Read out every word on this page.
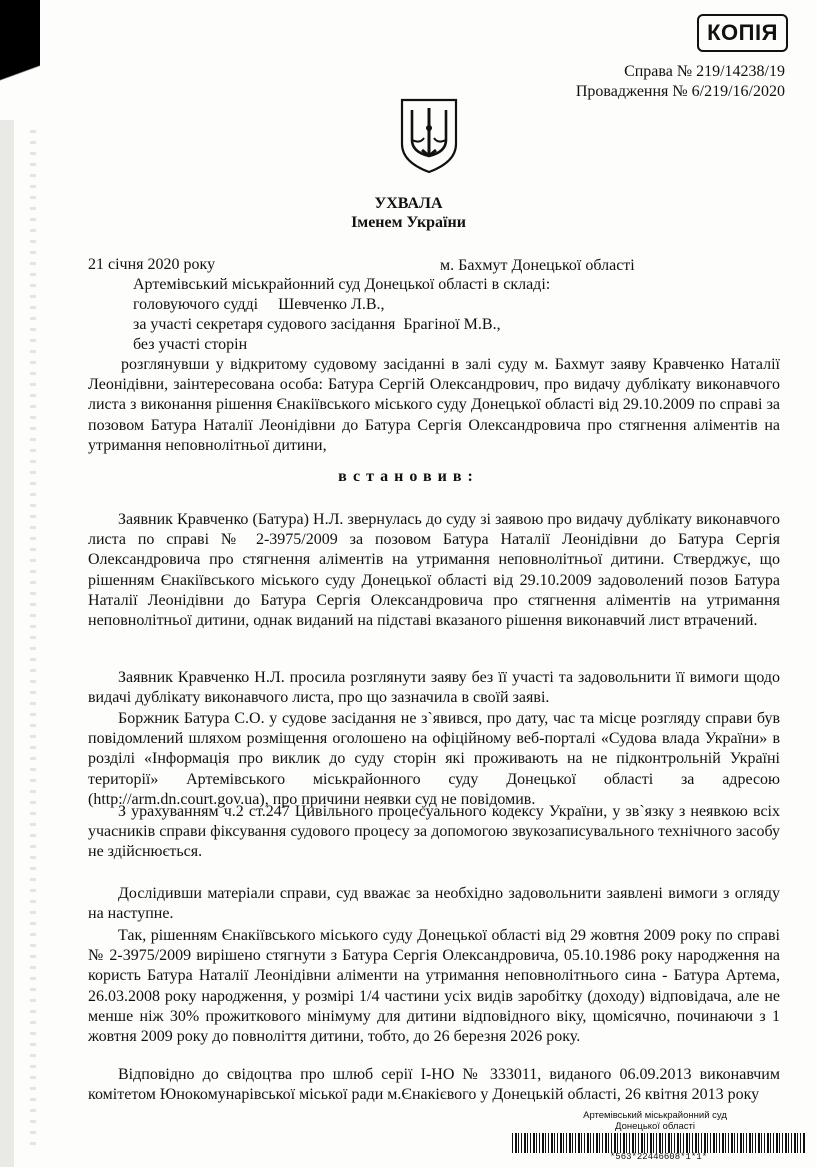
КОПІЯ
Справа № 219/14238/19
Провадження № 6/219/16/2020
УХВАЛА
Іменем України
21 січня 2020 року	м. Бахмут Донецької області
Артемівський міськрайонний суд Донецької області в складі:
головуючого судді     Шевченко Л.В.,
за участі секретаря судового засідання  Брагіної М.В.,
без участі сторін
розглянувши у відкритому судовому засіданні в залі суду м. Бахмут заяву Кравченко Наталії Леонідівни, заінтересована особа: Батура Сергій Олександрович, про видачу дублікату виконавчого листа з виконання рішення Єнакіївського міського суду Донецької області від 29.10.2009 по справі за позовом Батура Наталії Леонідівни до Батура Сергія Олександровича про стягнення аліментів на утримання неповнолітньої дитини,
встановив:
Заявник Кравченко (Батура) Н.Л. звернулась до суду зі заявою про видачу дублікату виконавчого листа по справі № 2-3975/2009 за позовом Батура Наталії Леонідівни до Батура Сергія Олександровича про стягнення аліментів на утримання неповнолітньої дитини. Стверджує, що рішенням Єнакіївського міського суду Донецької області від 29.10.2009 задоволений позов Батура Наталії Леонідівни до Батура Сергія Олександровича про стягнення аліментів на утримання неповнолітньої дитини, однак виданий на підставі вказаного рішення виконавчий лист втрачений.
Заявник Кравченко Н.Л. просила розглянути заяву без її участі та задовольнити її вимоги щодо видачі дублікату виконавчого листа, про що зазначила в своїй заяві.
Боржник Батура С.О. у судове засідання не з`явився, про дату, час та місце розгляду справи був повідомлений шляхом розміщення оголошено на офіційному веб-порталі «Судова влада України» в розділі «Інформація про виклик до суду сторін які проживають на не підконтрольній Україні території» Артемівського міськрайонного суду Донецької області за адресою (http://arm.dn.court.gov.ua), про причини неявки суд не повідомив.
З урахуванням ч.2 ст.247 Цивільного процесуального кодексу України, у зв`язку з неявкою всіх учасників справи фіксування судового процесу за допомогою звукозаписувального технічного засобу не здійснюється.
Дослідивши матеріали справи, суд вважає за необхідно задовольнити заявлені вимоги з огляду на наступне.
Так, рішенням Єнакіївського міського суду Донецької області від 29 жовтня 2009 року по справі № 2-3975/2009 вирішено стягнути з Батура Сергія Олександровича, 05.10.1986 року народження на користь Батура Наталії Леонідівни аліменти на утримання неповнолітнього сина - Батура Артема, 26.03.2008 року народження, у розмірі 1/4 частини усіх видів заробітку (доходу) відповідача, але не менше ніж 30% прожиткового мінімуму для дитини відповідного віку, щомісячно, починаючи з 1 жовтня 2009 року до повноліття дитини, тобто, до 26 березня 2026 року.
Відповідно до свідоцтва про шлюб серії І-НО № 333011, виданого 06.09.2013 виконавчим комітетом Юнокомунарівської міської ради м.Єнакієвого у Донецькій області, 26 квітня 2013 року
Артемівський міськрайонний суд
Донецької області
*563*22446608*1*1*
